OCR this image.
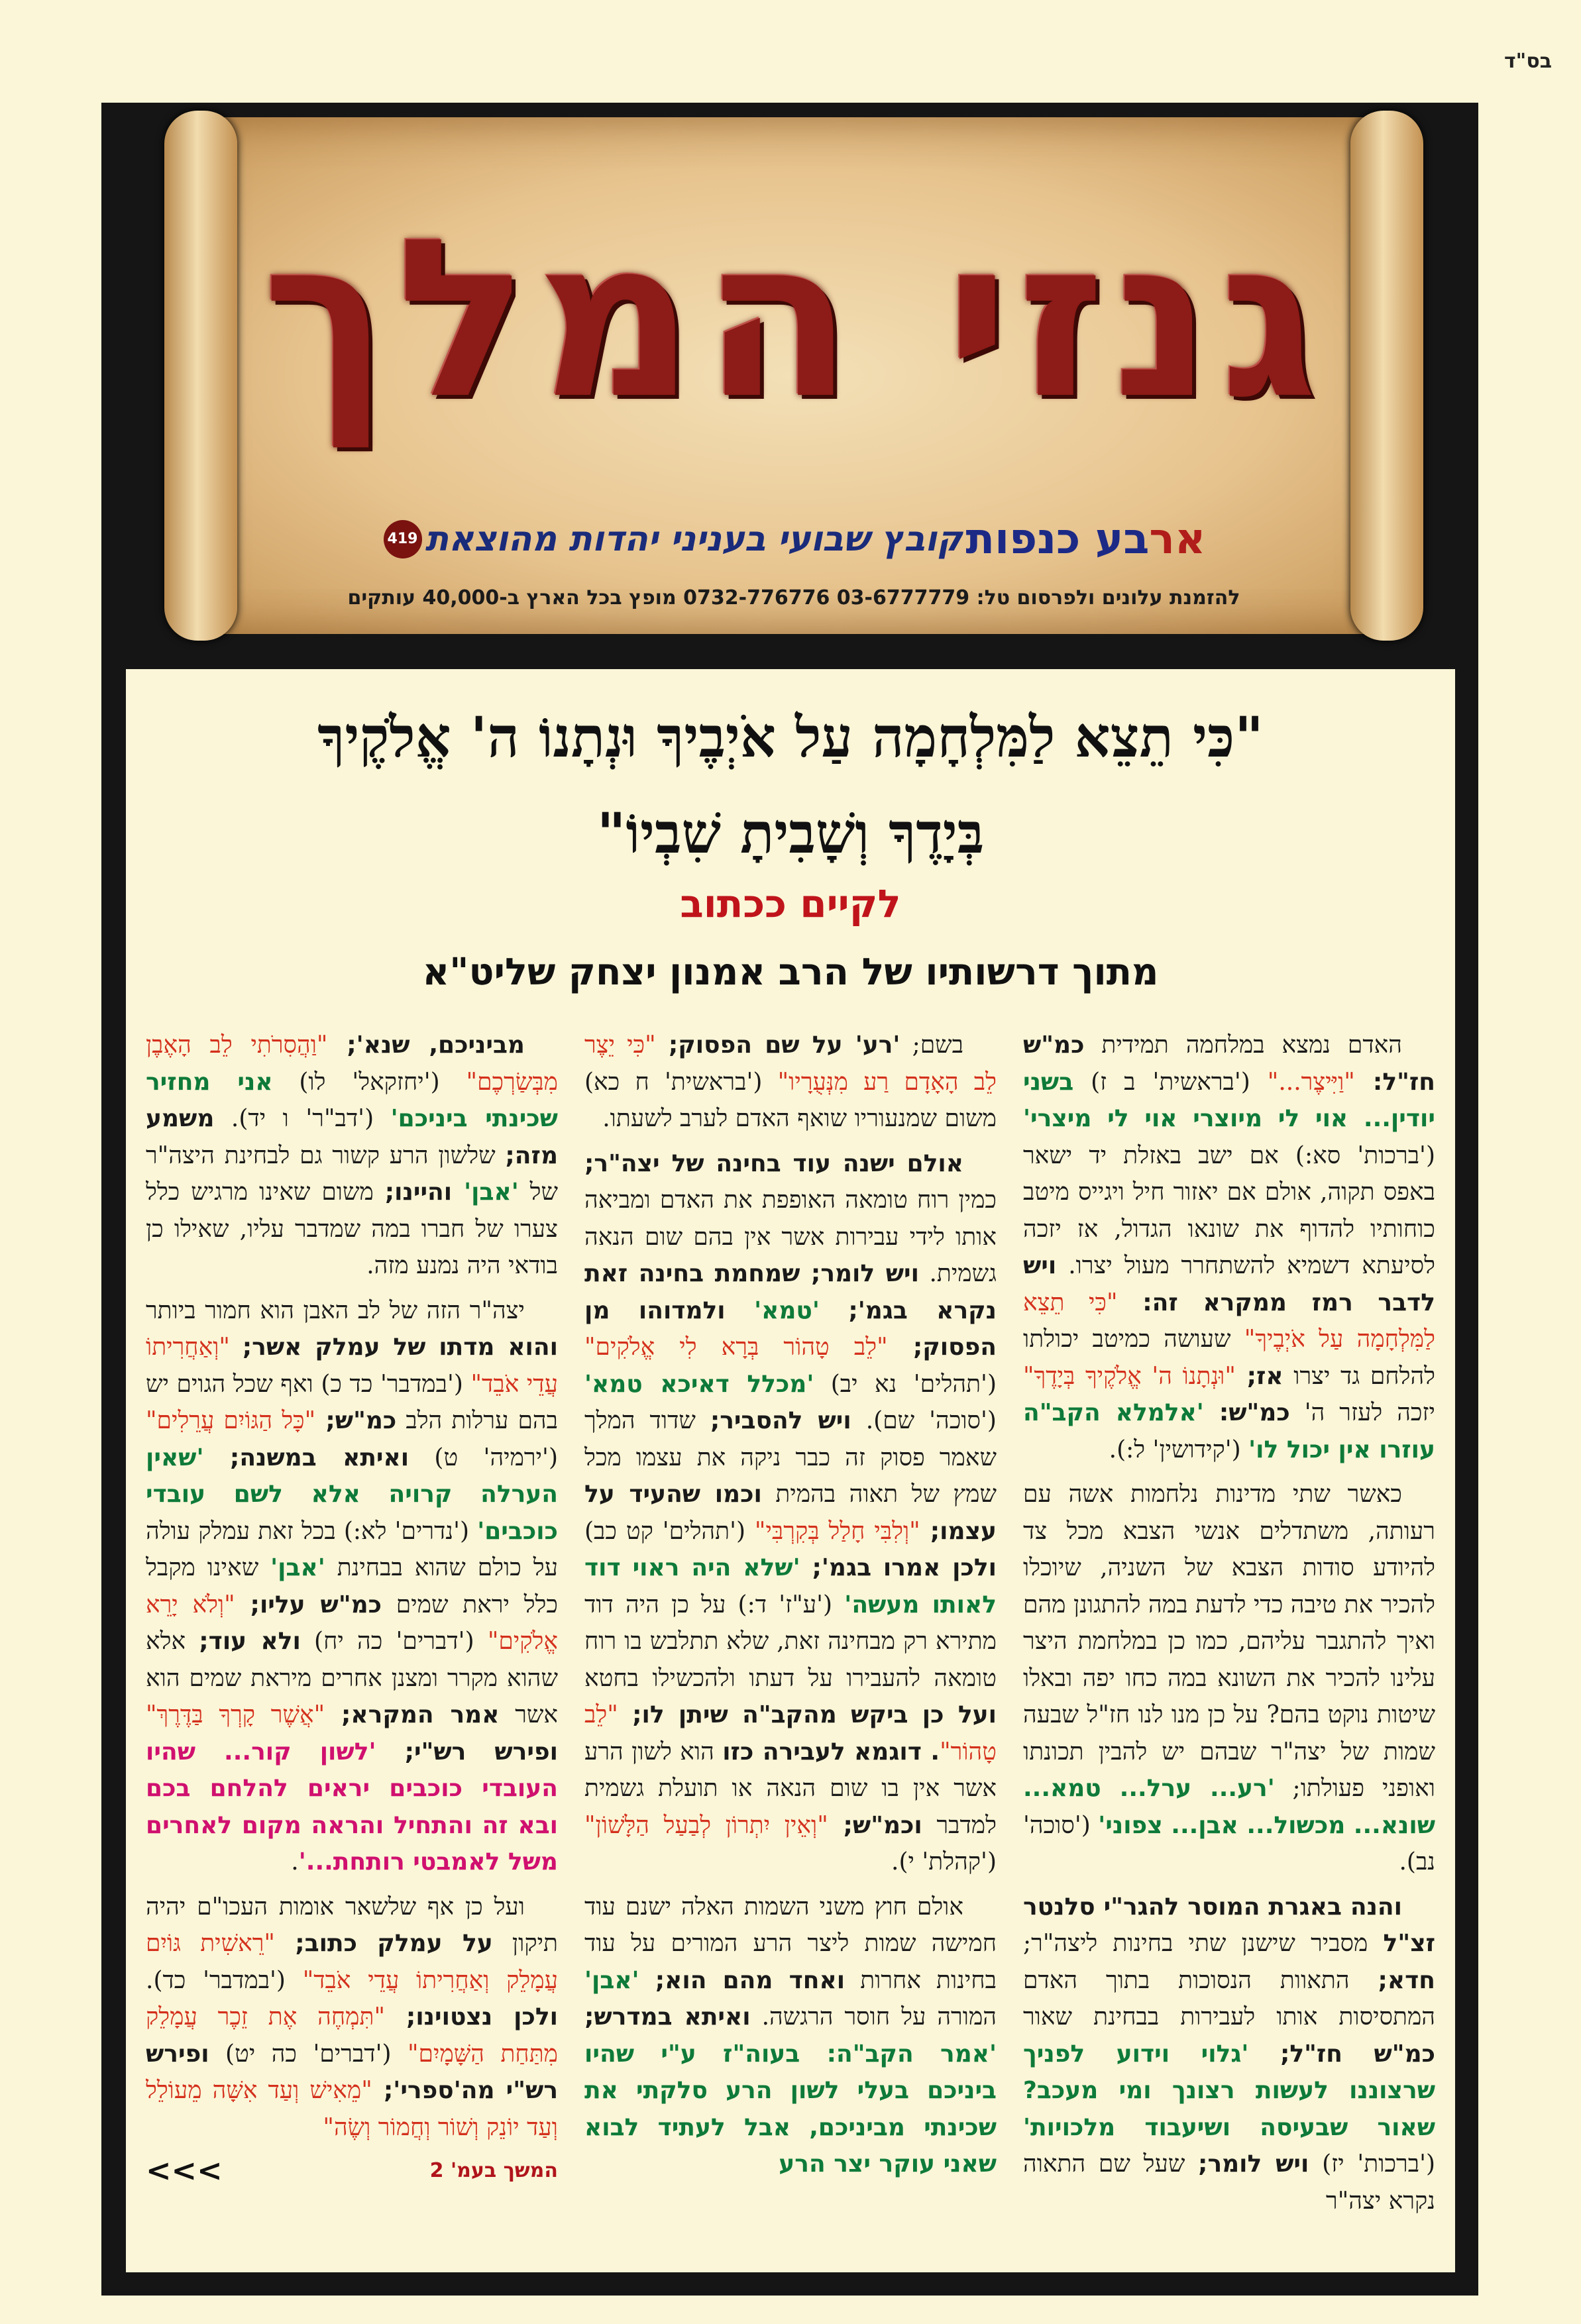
בס"ד
גנזי המלך
ארבע כנפות קובץ שבועי בעניני יהדות מהוצאת 419
להזמנת עלונים ולפרסום טל: 03-6777779 0732-776776 מופץ בכל הארץ ב-40,000 עותקים
"כִּי תֵצֵא לַמִּלְחָמָה עַל אֹיְבֶיךָ וּנְתָנוֹ ה' אֱלֹקֶיךָ
בְּיָדֶךָ וְשָׁבִיתָ שִׁבְיוֹ"
לקיים ככתוב
מתוך דרשותיו של הרב אמנון יצחק שליט"א

האדם נמצא במלחמה תמידית כמ"ש חז"ל: "וַיִּיצֶר..." ('בראשית' ב ז) בשני יודין... אוי לי מיוצרי אוי לי מיצרי' ('ברכות' סא:) אם ישב באזלת יד ישאר באפס תקוה, אולם אם יאזור חיל ויגייס מיטב כוחותיו להדוף את שונאו הגדול, אז יזכה לסיעתא דשמיא להשתחרר מעול יצרו. ויש לדבר רמז ממקרא זה: "כִּי תֵצֵא לַמִּלְחָמָה עַל אֹיְבֶיךָ" שעושה כמיטב יכולתו להלחם גד יצרו אז; "וּנְתָנוֹ ה' אֱלֹקֶיךָ בְּיָדֶךָ" יזכה לעזר ה' כמ"ש: 'אלמלא הקב"ה עוזרו אין יכול לו' ('קידושין' ל:).

כאשר שתי מדינות נלחמות אשה עם רעותה, משתדלים אנשי הצבא מכל צד להיודע סודות הצבא של השניה, שיוכלו להכיר את טיבה כדי לדעת במה להתגונן מהם ואיך להתגבר עליהם, כמו כן במלחמת היצר עלינו להכיר את השונא במה כחו יפה ובאלו שיטות נוקט בהם? על כן מנו לנו חז"ל שבעה שמות של יצה"ר שבהם יש להבין תכונתו ואופני פעולתו; 'רע... ערל... טמא... שונא... מכשול... אבן... צפוני' ('סוכה' נב).

והנה באגרת המוסר להגר"י סלנטר זצ"ל מסביר שישנן שתי בחינות ליצה"ר; חדא; התאוות הנסוכות בתוך האדם המתסיסות אותו לעבירות בבחינת שאור כמ"ש חז"ל; 'גלוי וידוע לפניך שרצוננו לעשות רצונך ומי מעכב? שאור שבעיסה ושיעבוד מלכויות' ('ברכות' יז) ויש לומר; שעל שם התאוה נקרא יצה"ר

בשם; 'רע' על שם הפסוק; "כִּי יֵצֶר לֵב הָאָדָם רַע מִנְּעֻרָיו" ('בראשית' ח כא) משום שמנעוריו שואף האדם לערב לשעתו.

אולם ישנה עוד בחינה של יצה"ר; כמין רוח טומאה האופפת את האדם ומביאה אותו לידי עבירות אשר אין בהם שום הנאה גשמית. ויש לומר; שמחמת בחינה זאת נקרא בגמ'; 'טמא' ולמדוהו מן הפסוק; "לֵב טָהוֹר בְּרָא לִי אֱלֹקִים" ('תהלים' נא יב) 'מכלל דאיכא טמא' ('סוכה' שם). ויש להסביר; שדוד המלך שאמר פסוק זה כבר ניקה את עצמו מכל שמץ של תאוה בהמית וכמו שהעיד על עצמו; "וְלִבִּי חָלַל בְּקִרְבִּי" ('תהלים' קט כב) ולכן אמרו בגמ'; 'שלא היה ראוי דוד לאותו מעשה' ('ע"ז' ד:) על כן היה דוד מתירא רק מבחינה זאת, שלא תתלבש בו רוח טומאה להעבירו על דעתו ולהכשילו בחטא ועל כן ביקש מהקב"ה שיתן לו; "לֵב טָהוֹר". דוגמא לעבירה כזו הוא לשון הרע אשר אין בו שום הנאה או תועלת גשמית למדבר וכמ"ש; "וְאֵין יִתְרוֹן לְבַעַל הַלָּשׁוֹן" ('קהלת' י).

אולם חוץ משני השמות האלה ישנם עוד חמישה שמות ליצר הרע המורים על עוד בחינות אחרות ואחד מהם הוא; 'אבן' המורה על חוסר הרגשה. ואיתא במדרש; 'אמר הקב"ה: בעוה"ז ע"י שהיו ביניכם בעלי לשון הרע סלקתי את שכינתי מביניכם, אבל לעתיד לבוא שאני עוקר יצר הרע

מביניכם, שנא'; "וַהֲסִרֹתִי לֵב הָאֶבֶן מִבְּשַׂרְכֶם" ('יחזקאל' לו) אני מחזיר שכינתי ביניכם' ('דב"ר' ו יד). משמע מזה; שלשון הרע קשור גם לבחינת היצה"ר של 'אבן' והיינו; משום שאינו מרגיש כלל צערו של חברו במה שמדבר עליו, שאילו כן בודאי היה נמנע מזה.

יצה"ר הזה של לב האבן הוא חמור ביותר והוא מדתו של עמלק אשר; "וְאַחֲרִיתוֹ עֲדֵי אֹבֵד" ('במדבר' כד כ) ואף שכל הגוים יש בהם ערלות הלב כמ"ש; "כָּל הַגּוֹיִם עֲרֵלִים" ('ירמיה' ט) ואיתא במשנה; 'שאין הערלה קרויה אלא לשם עובדי כוכבים' ('נדרים' לא:) בכל זאת עמלק עולה על כולם שהוא בבחינת 'אבן' שאינו מקבל כלל יראת שמים כמ"ש עליו; "וְלֹא יָרֵא אֱלֹקִים" ('דברים' כה יח) ולא עוד; אלא שהוא מקרר ומצנן אחרים מיראת שמים הוא אשר אמר המקרא; "אֲשֶׁר קָרְךָ בַּדֶּרֶךְ" ופירש רש"י; 'לשון קור... שהיו העובדי כוכבים יראים להלחם בכם ובא זה והתחיל והראה מקום לאחרים משל לאמבטי רותחת...'.

ועל כן אף שלשאר אומות העכו"ם יהיה תיקון על עמלק כתוב; "רֵאשִׁית גּוֹיִם עֲמָלֵק וְאַחֲרִיתוֹ עֲדֵי אֹבֵד" ('במדבר' כד). ולכן נצטוינו; "תִּמְחֶה אֶת זֵכֶר עֲמָלֵק מִתַּחַת הַשָּׁמָיִם" ('דברים' כה יט) ופירש רש"י מה'ספרי'; "מֵאִישׁ וְעַד אִשָּׁה מֵעוֹלֵל וְעַד יוֹנֵק וְשׁוֹר וְחֲמוֹר וְשֶׂה"

המשך בעמ' 2
<<<
